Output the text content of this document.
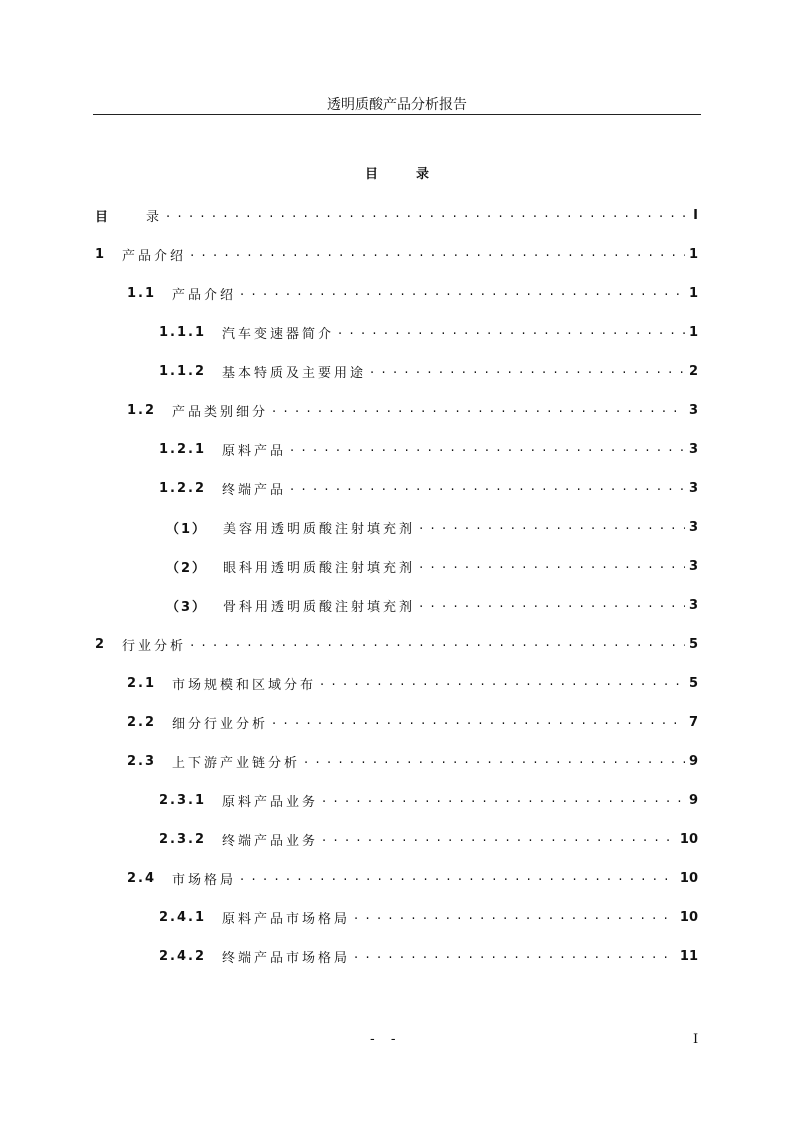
透明质酸产品分析报告
目录
目	录 . . .	I
1 产品介绍 . . .	1
1.1 产品介绍 . . .	1
1.1.1 汽车变速器简介 . . .	1
1.1.2 基本特质及主要用途 . . .	2
1.2 产品类别细分 . . .	3
1.2.1 原料产品 . . .	3
1.2.2 终端产品 . . .	3
（1） 美容用透明质酸注射填充剂 . . .	3
（2） 眼科用透明质酸注射填充剂 . . .	3
（3） 骨科用透明质酸注射填充剂 . . .	3
2 行业分析 . . .	5
2.1 市场规模和区域分布 . . .	5
2.2 细分行业分析 . . .	7
2.3 上下游产业链分析 . . .	9
2.3.1 原料产品业务 . . .	9
2.3.2 终端产品业务 . . .	10
2.4 市场格局 . . .	10
2.4.1 原料产品市场格局 . . .	10
2.4.2 终端产品市场格局 . . .	11
- -	I
